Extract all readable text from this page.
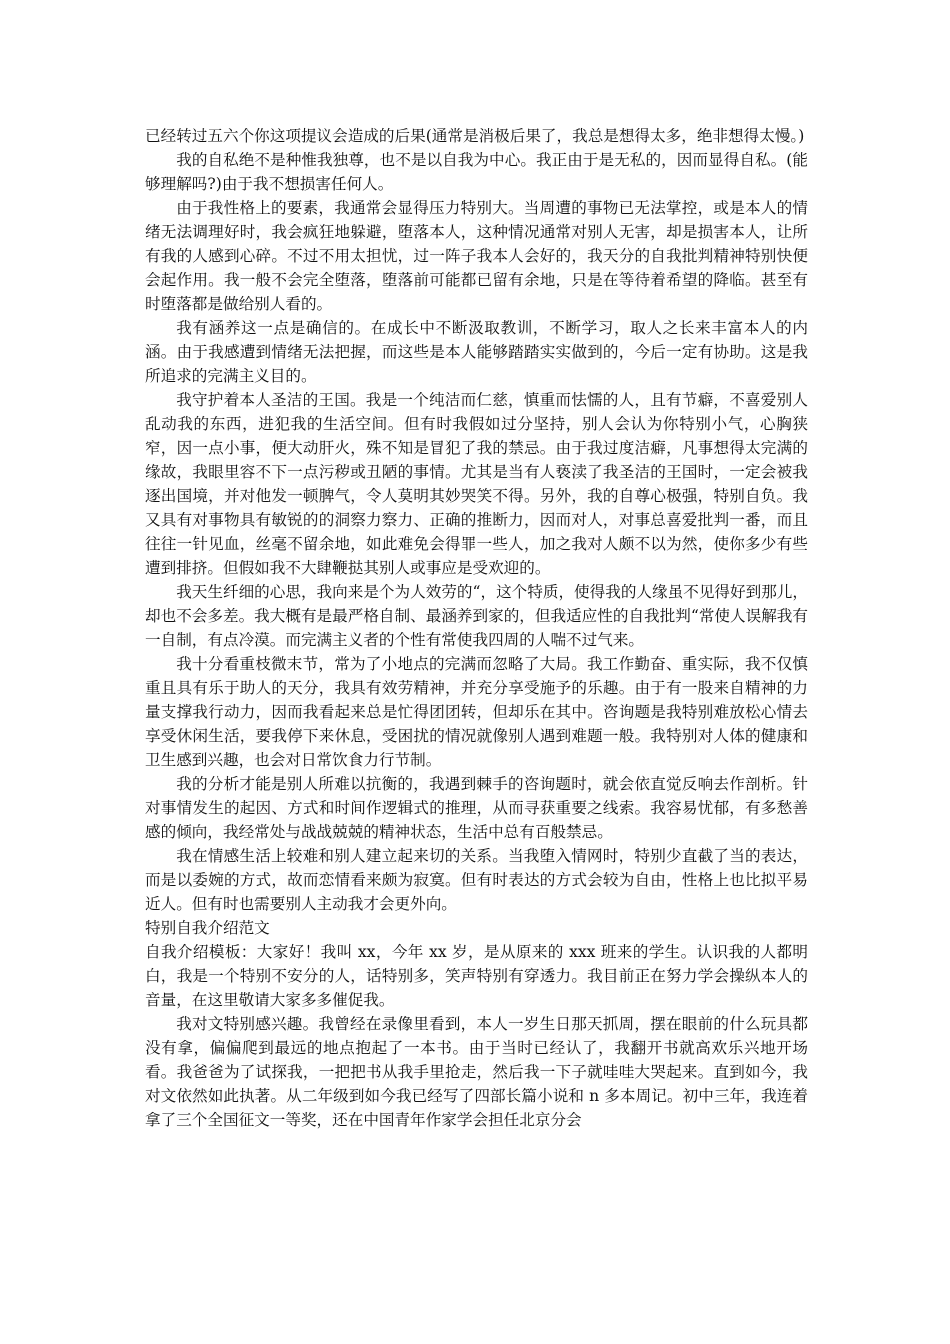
已经转过五六个你这项提议会造成的后果(通常是消极后果了，我总是想得太多，绝非想得太慢。)

我的自私绝不是种惟我独尊，也不是以自我为中心。我正由于是无私的，因而显得自私。(能够理解吗?)由于我不想损害任何人。

由于我性格上的要素，我通常会显得压力特别大。当周遭的事物已无法掌控，或是本人的情绪无法调理好时，我会疯狂地躲避，堕落本人，这种情况通常对别人无害，却是损害本人，让所有我的人感到心碎。不过不用太担忧，过一阵子我本人会好的，我天分的自我批判精神特别快便会起作用。我一般不会完全堕落，堕落前可能都已留有余地，只是在等待着希望的降临。甚至有时堕落都是做给别人看的。

我有涵养这一点是确信的。在成长中不断汲取教训，不断学习，取人之长来丰富本人的内涵。由于我感遭到情绪无法把握，而这些是本人能够踏踏实实做到的，今后一定有协助。这是我所追求的完满主义目的。

我守护着本人圣洁的王国。我是一个纯洁而仁慈，慎重而怯懦的人，且有节癖，不喜爱别人乱动我的东西，进犯我的生活空间。但有时我假如过分坚持，别人会认为你特别小气，心胸狭窄，因一点小事，便大动肝火，殊不知是冒犯了我的禁忌。由于我过度洁癖，凡事想得太完满的缘故，我眼里容不下一点污秽或丑陋的事情。尤其是当有人亵渎了我圣洁的王国时，一定会被我逐出国境，并对他发一顿脾气，令人莫明其妙哭笑不得。另外，我的自尊心极强，特别自负。我又具有对事物具有敏锐的的洞察力察力、正确的推断力，因而对人，对事总喜爱批判一番，而且往往一针见血，丝毫不留余地，如此难免会得罪一些人，加之我对人颇不以为然，使你多少有些遭到排挤。但假如我不大肆鞭挞其别人或事应是受欢迎的。

我天生纤细的心思，我向来是个为人效劳的“，这个特质，使得我的人缘虽不见得好到那儿，却也不会多差。我大概有是最严格自制、最涵养到家的，但我适应性的自我批判“常使人误解我有一自制，有点冷漠。而完满主义者的个性有常使我四周的人喘不过气来。

我十分看重枝微末节，常为了小地点的完满而忽略了大局。我工作勤奋、重实际，我不仅慎重且具有乐于助人的天分，我具有效劳精神，并充分享受施予的乐趣。由于有一股来自精神的力量支撑我行动力，因而我看起来总是忙得团团转，但却乐在其中。咨询题是我特别难放松心情去享受休闲生活，要我停下来休息，受困扰的情况就像别人遇到难题一般。我特别对人体的健康和卫生感到兴趣，也会对日常饮食力行节制。

我的分析才能是别人所难以抗衡的，我遇到棘手的咨询题时，就会依直觉反响去作剖析。针对事情发生的起因、方式和时间作逻辑式的推理，从而寻获重要之线索。我容易忧郁，有多愁善感的倾向，我经常处与战战兢兢的精神状态，生活中总有百般禁忌。

我在情感生活上较难和别人建立起来切的关系。当我堕入情网时，特别少直截了当的表达，而是以委婉的方式，故而恋情看来颇为寂寞。但有时表达的方式会较为自由，性格上也比拟平易近人。但有时也需要别人主动我才会更外向。

特别自我介绍范文

自我介绍模板：大家好！我叫 xx，今年 xx 岁，是从原来的 xxx 班来的学生。认识我的人都明白，我是一个特别不安分的人，话特别多，笑声特别有穿透力。我目前正在努力学会操纵本人的音量，在这里敬请大家多多催促我。

我对文特别感兴趣。我曾经在录像里看到，本人一岁生日那天抓周，摆在眼前的什么玩具都没有拿，偏偏爬到最远的地点抱起了一本书。由于当时已经认了，我翻开书就高欢乐兴地开场看。我爸爸为了试探我，一把把书从我手里抢走，然后我一下子就哇哇大哭起来。直到如今，我对文依然如此执著。从二年级到如今我已经写了四部长篇小说和 n 多本周记。初中三年，我连着拿了三个全国征文一等奖，还在中国青年作家学会担任北京分会
